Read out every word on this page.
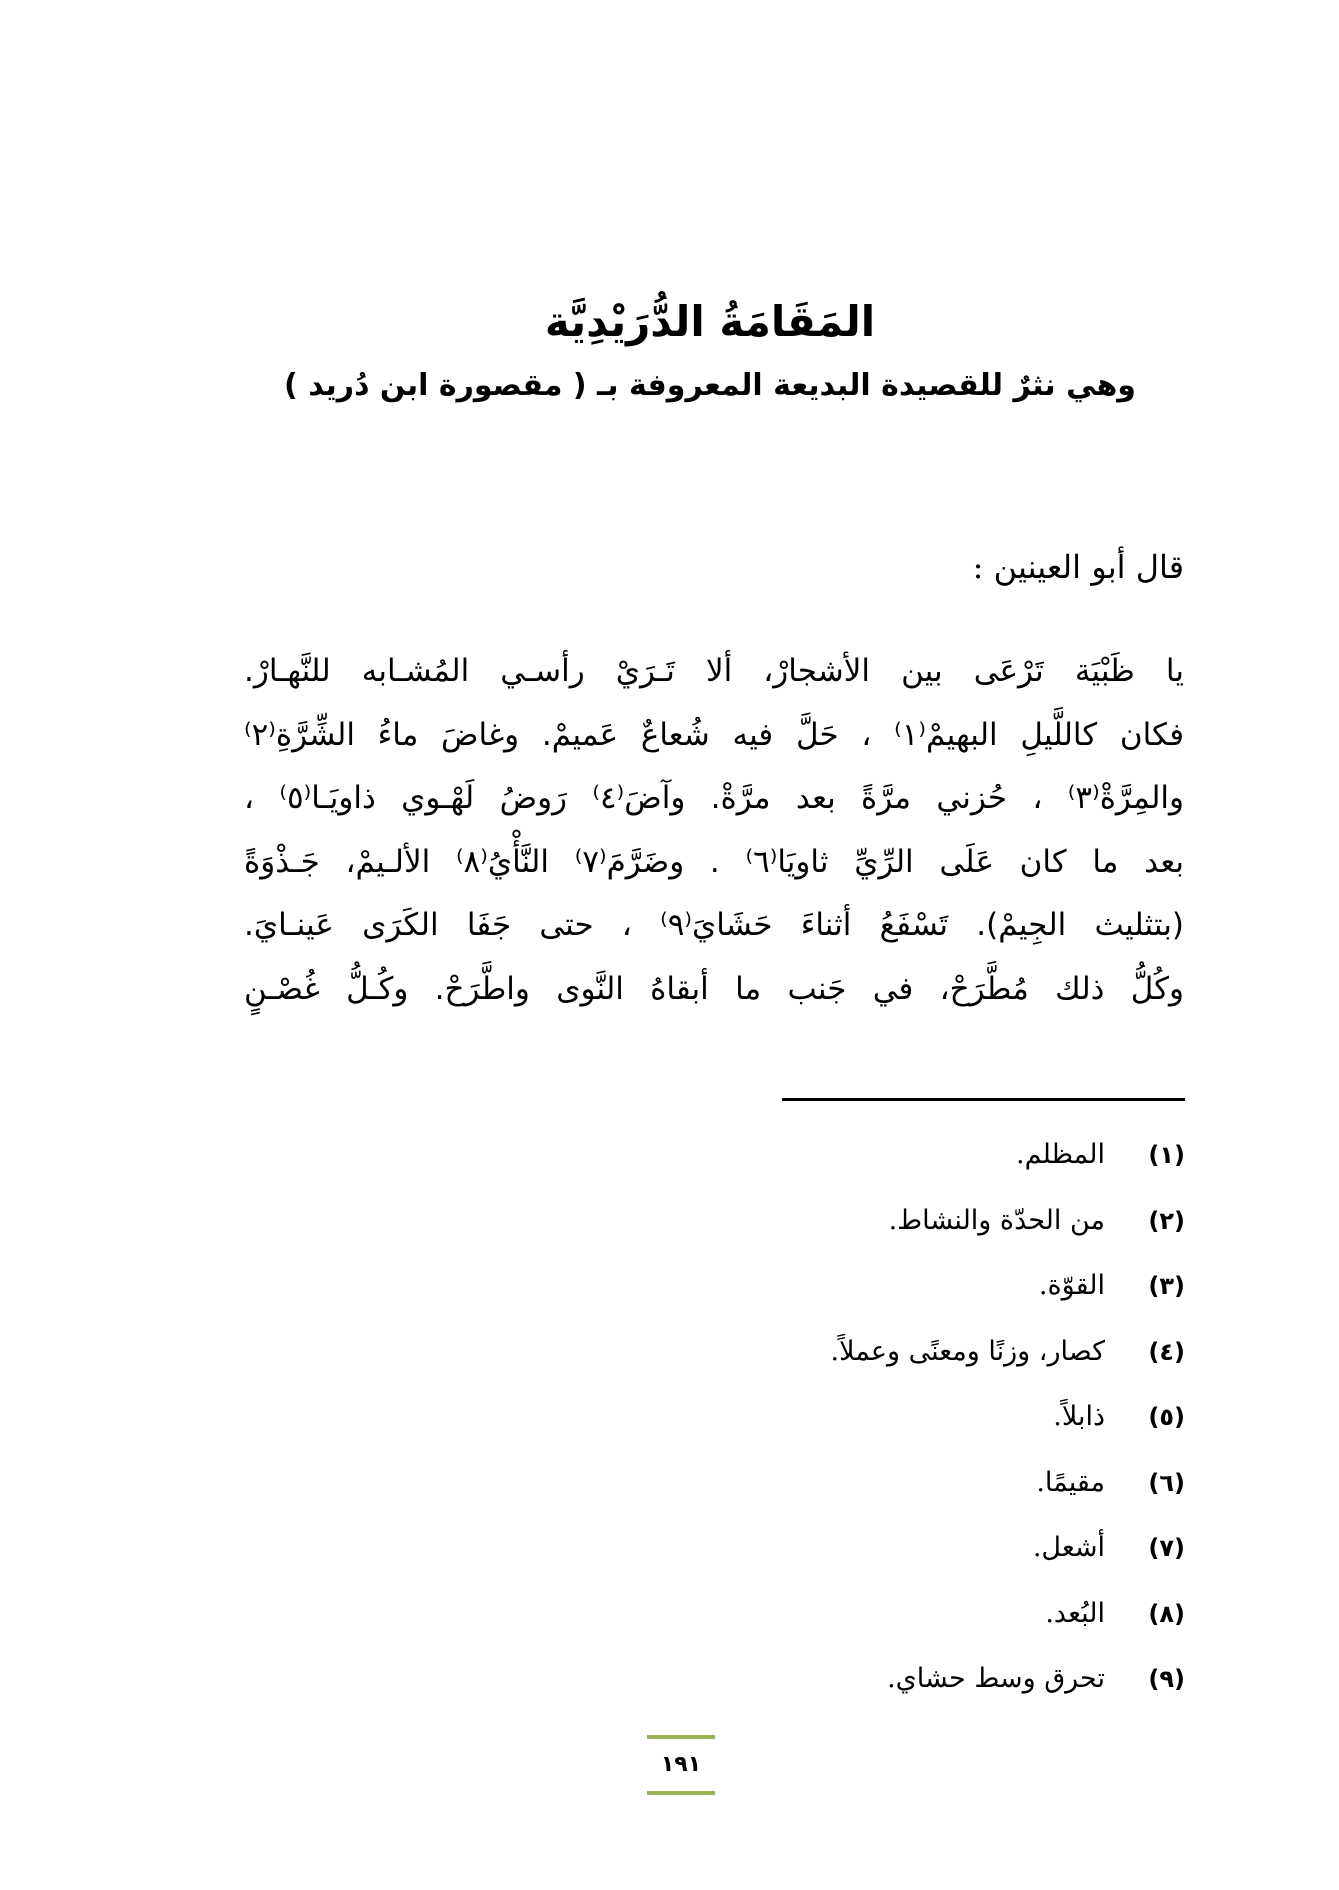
المَقَامَةُ الدُّرَيْدِيَّة
وهي نثرٌ للقصيدة البديعة المعروفة بـ ( مقصورة ابن دُريد )

قال أبو العينين :

يا ظَبْيَة تَرْعَى بين الأشجارْ، ألا تَـرَيْ رأسـي المُشـابه للنَّهـارْ.
فكان كاللَّيلِ البهيمْ⁽١⁾ ، حَلَّ فيه شُعاعٌ عَميمْ. وغاضَ ماءُ الشِّرَّةِ⁽٢⁾
والمِرَّةْ⁽٣⁾ ، حُزني مرَّةً بعد مرَّةْ. وآضَ⁽٤⁾ رَوضُ لَهْـوي ذاويَـا⁽٥⁾ ،
بعد ما كان عَلَى الرِّيِّ ثاويَا⁽٦⁾ . وضَرَّمَ⁽٧⁾ النَّأْيُ⁽٨⁾ الألـيمْ، جَـذْوَةً
(بتثليث الجِيمْ). تَسْفَعُ أثناءَ حَشَايَ⁽٩⁾ ، حتى جَفَا الكَرَى عَينـايَ.
وكُلُّ ذلك مُطَّرَحْ، في جَنب ما أبقاهُ النَّوى واطَّرَحْ. وكُـلُّ غُصْـنٍ
(١)
المظلم.
(٢)
من الحدّة والنشاط.
(٣)
القوّة.
(٤)
كصار، وزنًا ومعنًى وعملاً.
(٥)
ذابلاً.
(٦)
مقيمًا.
(٧)
أشعل.
(٨)
البُعد.
(٩)
تحرق وسط حشاي.
١٩١
